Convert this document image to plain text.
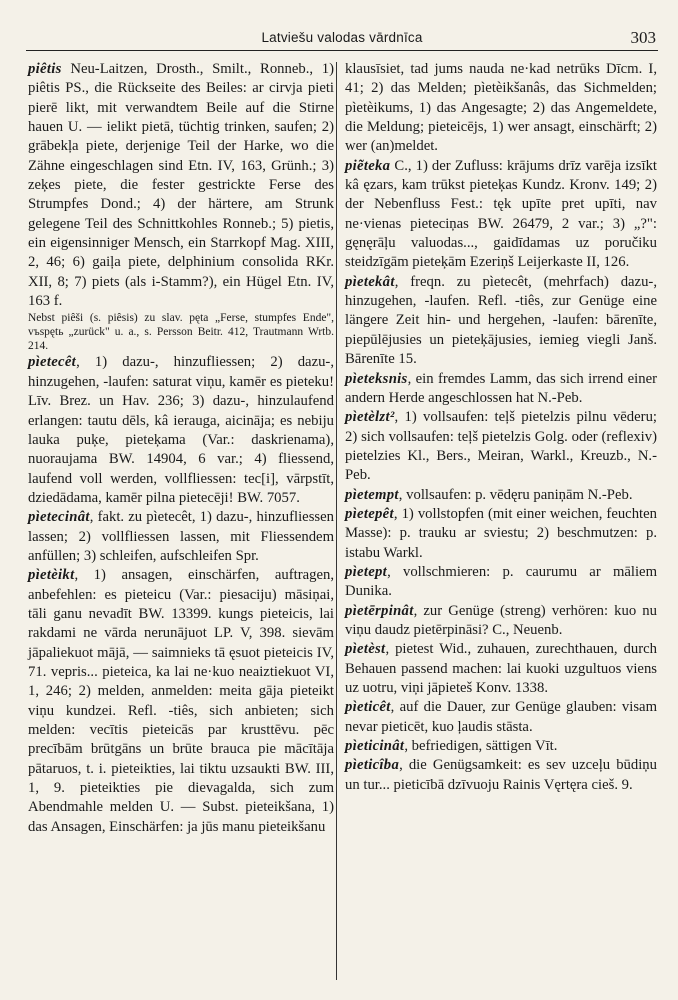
Latviešu valodas vārdnīca	303

piêtis Neu-Laitzen, Drosth., Smilt., Ronneb., 1) piêtis PS., die Rückseite des Beiles: ar cirvja pieti pierē likt, mit verwandtem Beile auf die Stirne hauen U. — ielikt pietā, tüchtig trinken, saufen; 2) grābekļa piete, derjenige Teil der Harke, wo die Zähne eingeschlagen sind Etn. IV, 163, Grünh.; 3) zeķes piete, die fester gestrickte Ferse des Strumpfes Dond.; 4) der härtere, am Strunk gelegene Teil des Schnittkohles Ronneb.; 5) pietis, ein eigensinniger Mensch, ein Starrkopf Mag. XIII, 2, 46; 6) gaiļa piete, delphinium consolida RKr. XII, 8; 7) piets (als i-Stamm?), ein Hügel Etn. IV, 163 f.

Nebst piêši (s. piêsis) zu slav. pęta „Ferse, stumpfes Ende", vъspętь „zurück" u. a., s. Persson Beitr. 412, Trautmann Wrtb. 214.

pìetecêt, 1) dazu-, hinzufliessen; 2) dazu-, hinzugehen, -laufen: saturat viņu, kamēr es pieteku! Līv. Brez. un Hav. 236; 3) dazu-, hinzulaufend erlangen: tautu dēls, kâ ierauga, aicināja; es nebiju lauka puķe, pieteķama (Var.: daskrienama), nuoraujama BW. 14904, 6 var.; 4) fliessend, laufend voll werden, vollfliessen: tec[i], vārpstīt, dziedādama, kamēr pilna pietecēji! BW. 7057.

pìetecinât, fakt. zu pìetecêt, 1) dazu-, hinzufliessen lassen; 2) vollfliessen lassen, mit Fliessendem anfüllen; 3) schleifen, aufschleifen Spr.

pìetèikt, 1) ansagen, einschärfen, auftragen, anbefehlen: es pieteicu (Var.: piesaciju) māsiņai, tāli ganu nevadīt BW. 13399. kungs pieteicis, lai rakdami ne vārda nerunājuot LP. V, 398. sievām jāpaliekuot mājā, — saimnieks tā ęsuot pieteicis IV, 71. vepris... pieteica, ka lai ne·kuo neaiztiekuot VI, 1, 246; 2) melden, anmelden: meita gāja pieteikt viņu kundzei. Refl. -tiês, sich anbieten; sich melden: vecītis pieteicās par krusttēvu. pēc precībām brūtgāns un brūte brauca pie mācītāja pātaruos, t. i. pieteikties, lai tiktu uzsaukti BW. III, 1, 9. pieteikties pie dievagalda, sich zum Abendmahle melden U. — Subst. pieteikšana, 1) das Ansagen, Einschärfen: ja jūs manu pieteikšanu

klausīsiet, tad jums nauda ne·kad netrūks Dīcm. I, 41; 2) das Melden; pìetèikšanâs, das Sichmelden; pìetèikums, 1) das Angesagte; 2) das Angemeldete, die Meldung; pieteicējs, 1) wer ansagt, einschärft; 2) wer (an)meldet.

piẽteka C., 1) der Zufluss: krājums drīz varēja izsīkt kâ ęzars, kam trūkst pieteķas Kundz. Kronv. 149; 2) der Nebenfluss Fest.: tęk upīte pret upīti, nav ne·vienas pieteciņas BW. 26479, 2 var.; 3) „?": gęnęrāļu valuodas..., gaidīdamas uz poručiku steidzīgām pieteķām Ezeriņš Leijerkaste II, 126.

pìetekât, freqn. zu pìetecêt, (mehrfach) dazu-, hinzugehen, -laufen. Refl. -tiês, zur Genüge eine längere Zeit hin- und hergehen, -laufen: bārenīte, piepūlējusies un pieteķājusies, iemieg viegli Janš. Bārenīte 15.

pìeteksnis, ein fremdes Lamm, das sich irrend einer andern Herde angeschlossen hat N.-Peb.

pìetèlzt², 1) vollsaufen: teļš pietelzis pilnu vēderu; 2) sich vollsaufen: teļš pietelzis Golg. oder (reflexiv) pietelzies Kl., Bers., Meiran, Warkl., Kreuzb., N.-Peb.

pìetempt, vollsaufen: p. vēdęru paniņām N.-Peb.

pìetepêt, 1) vollstopfen (mit einer weichen, feuchten Masse): p. trauku ar sviestu; 2) beschmutzen: p. istabu Warkl.

pìetept, vollschmieren: p. caurumu ar māliem Dunika.

pìetērpinât, zur Genüge (streng) verhören: kuo nu viņu daudz pietērpināsi? C., Neuenb.

pìetèst, pietest Wid., zuhauen, zurechthauen, durch Behauen passend machen: lai kuoki uzgultuos viens uz uotru, viņi jāpieteš Konv. 1338.

pìeticêt, auf die Dauer, zur Genüge glauben: visam nevar pieticēt, kuo ļaudis stāsta.

pìeticinât, befriedigen, sättigen Vīt.

pìeticîba, die Genügsamkeit: es sev uzceļu būdiņu un tur... pieticībā dzīvuoju Rainis Vęrtęra cieš. 9.
